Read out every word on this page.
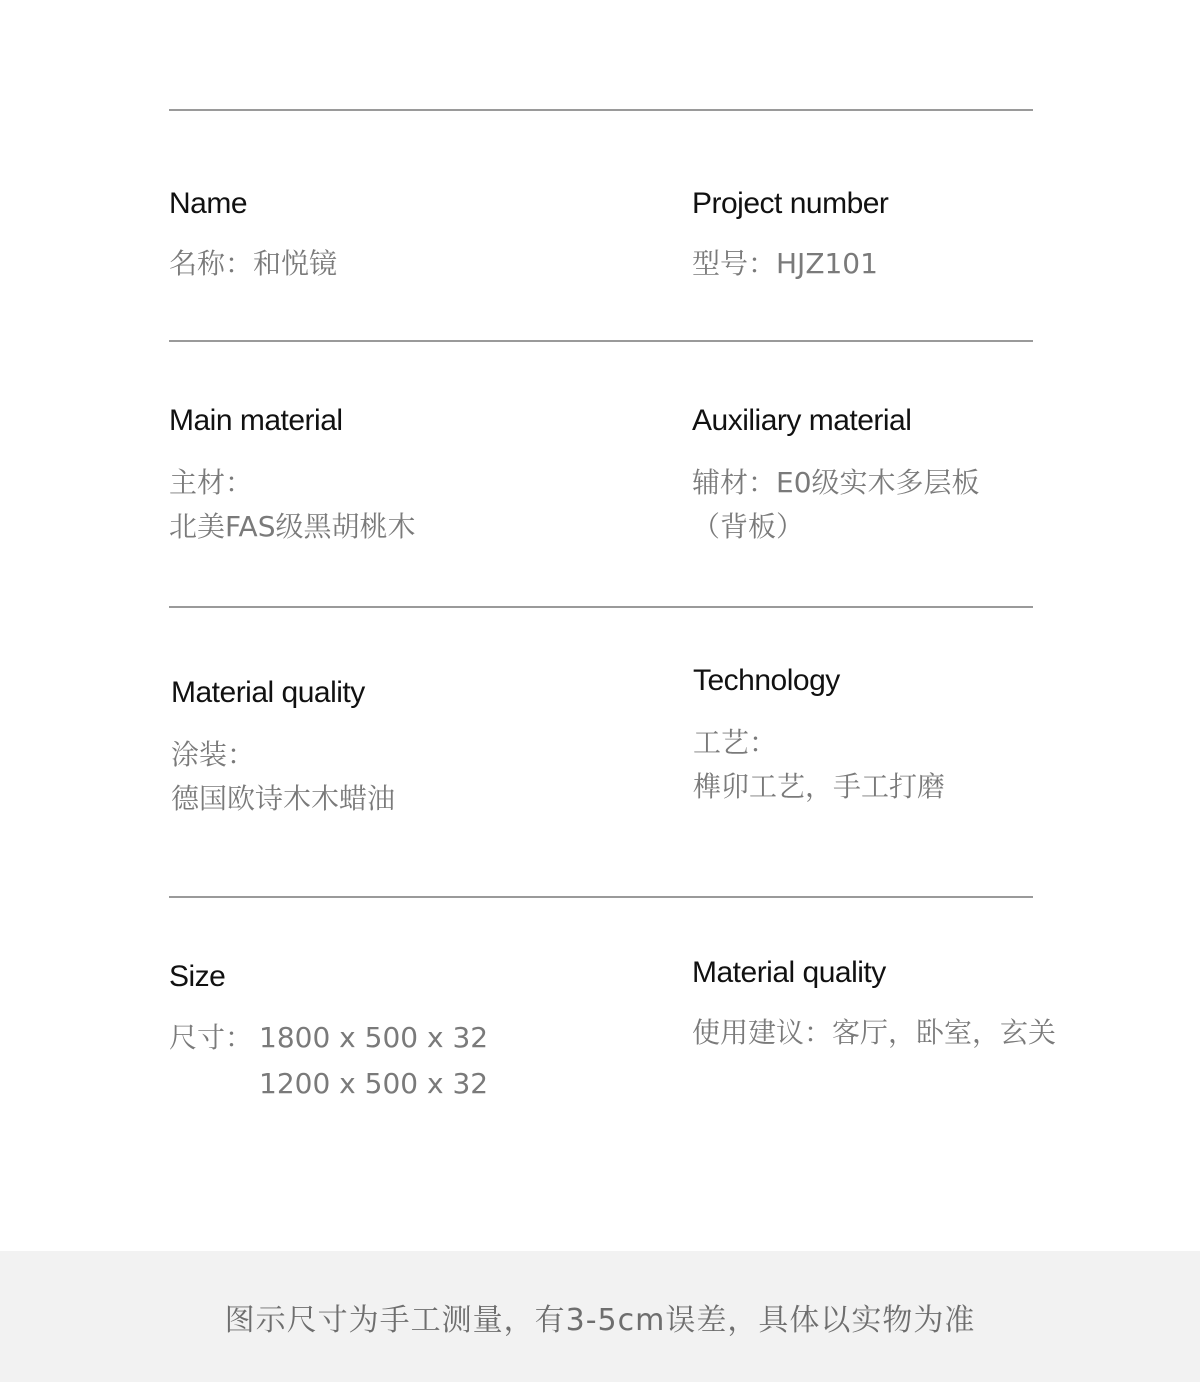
Name
名称：和悦镜
Project number
型号：HJZ101
Main material
主材：
北美FAS级黑胡桃木
Auxiliary material
辅材：E0级实木多层板
（背板）
Material quality
涂装：
德国欧诗木木蜡油
Technology
工艺：
榫卯工艺，手工打磨
Size
尺寸： 1800 x 500 x 32
1200 x 500 x 32
Material quality
使用建议：客厅，卧室，玄关
图示尺寸为手工测量，有3-5cm误差，具体以实物为准
